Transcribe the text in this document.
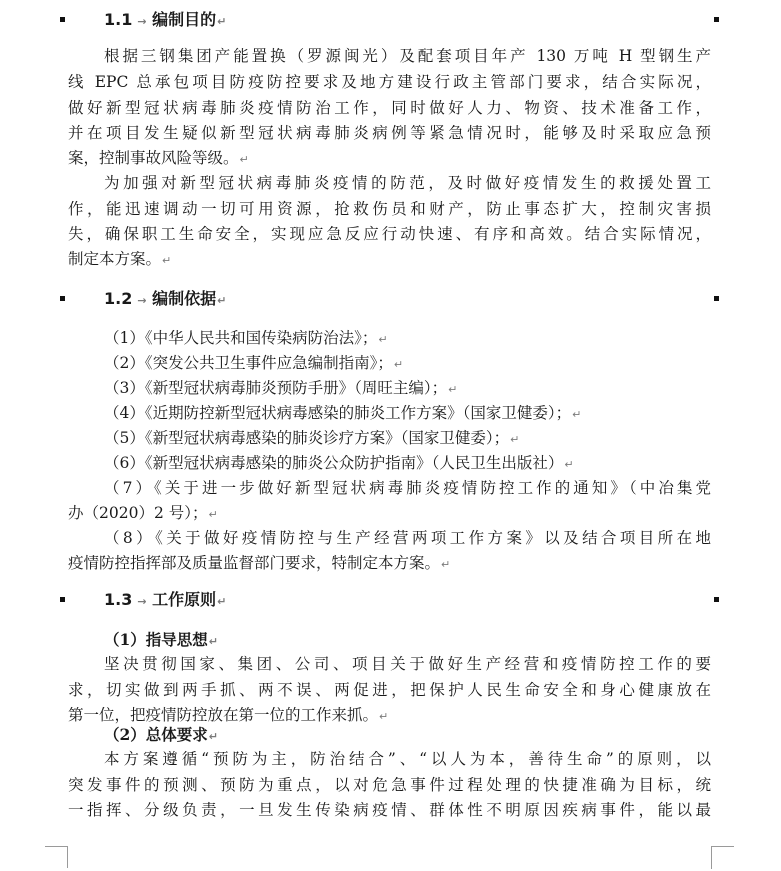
1.1 → 编制目的↵
根据三钢集团产能置换（罗源闽光）及配套项目年产 130 万吨 H 型钢生产
线 EPC 总承包项目防疫防控要求及地方建设行政主管部门要求，结合实际况，
做好新型冠状病毒肺炎疫情防治工作，同时做好人力、物资、技术准备工作，
并在项目发生疑似新型冠状病毒肺炎病例等紧急情况时，能够及时采取应急预
案，控制事故风险等级。↵
为加强对新型冠状病毒肺炎疫情的防范，及时做好疫情发生的救援处置工
作，能迅速调动一切可用资源，抢救伤员和财产，防止事态扩大，控制灾害损
失，确保职工生命安全，实现应急反应行动快速、有序和高效。结合实际情况，
制定本方案。↵
1.2 → 编制依据↵
（1）《中华人民共和国传染病防治法》；↵
（2）《突发公共卫生事件应急编制指南》；↵
（3）《新型冠状病毒肺炎预防手册》（周旺主编）；↵
（4）《近期防控新型冠状病毒感染的肺炎工作方案》（国家卫健委）；↵
（5）《新型冠状病毒感染的肺炎诊疗方案》（国家卫健委）；↵
（6）《新型冠状病毒感染的肺炎公众防护指南》（人民卫生出版社）↵
（7）《关于进一步做好新型冠状病毒肺炎疫情防控工作的通知》（中冶集党
办（2020）2 号）；↵
（8）《关于做好疫情防控与生产经营两项工作方案》以及结合项目所在地
疫情防控指挥部及质量监督部门要求，特制定本方案。↵
1.3 → 工作原则↵
（1）指导思想↵
坚决贯彻国家、集团、公司、项目关于做好生产经营和疫情防控工作的要
求，切实做到两手抓、两不误、两促进，把保护人民生命安全和身心健康放在
第一位，把疫情防控放在第一位的工作来抓。↵
（2）总体要求↵
本方案遵循“预防为主，防治结合”、“以人为本，善待生命”的原则，以
突发事件的预测、预防为重点，以对危急事件过程处理的快捷准确为目标，统
一指挥、分级负责，一旦发生传染病疫情、群体性不明原因疾病事件，能以最
